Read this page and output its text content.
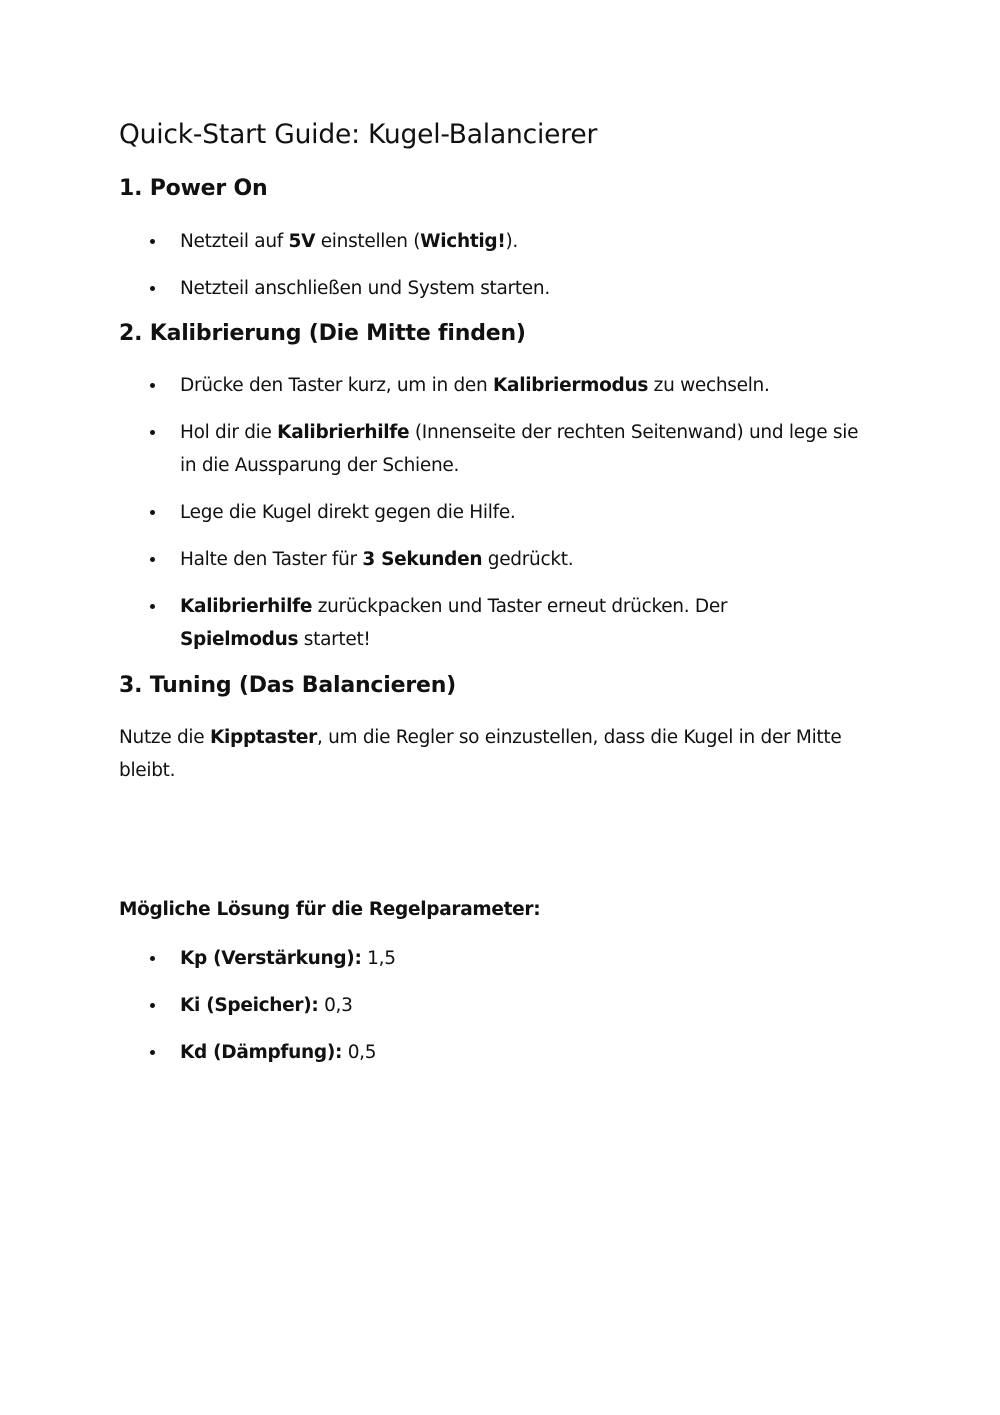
Quick-Start Guide: Kugel-Balancierer
1. Power On

Netzteil auf 5V einstellen (Wichtig!).

Netzteil anschließen und System starten.

2. Kalibrierung (Die Mitte finden)

Drücke den Taster kurz, um in den Kalibriermodus zu wechseln.

Hol dir die Kalibrierhilfe (Innenseite der rechten Seitenwand) und lege sie in die Aussparung der Schiene.

Lege die Kugel direkt gegen die Hilfe.

Halte den Taster für 3 Sekunden gedrückt.

Kalibrierhilfe zurückpacken und Taster erneut drücken. Der Spielmodus startet!

3. Tuning (Das Balancieren)

Nutze die Kipptaster, um die Regler so einzustellen, dass die Kugel in der Mitte bleibt.

Mögliche Lösung für die Regelparameter:

Kp (Verstärkung): 1,5

Ki (Speicher): 0,3

Kd (Dämpfung): 0,5
